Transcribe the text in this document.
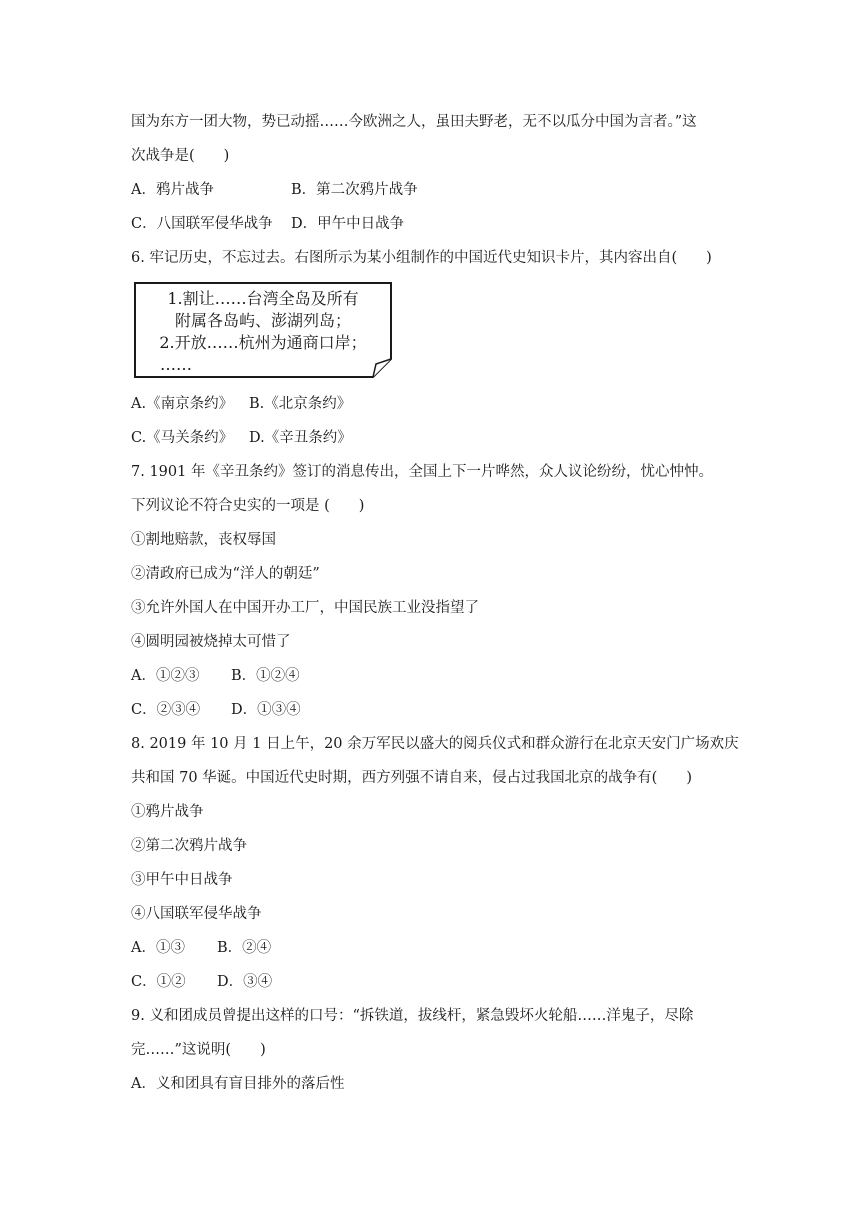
国为东方一团大物，势已动摇……今欧洲之人，虽田夫野老，无不以瓜分中国为言者。”这
次战争是(　　)
A．鸦片战争	B．第二次鸦片战争
C．八国联军侵华战争 D．甲午中日战争
6. 牢记历史，不忘过去。右图所示为某小组制作的中国近代史知识卡片，其内容出自(　　)
1.割让……台湾全岛及所有
附属各岛屿、澎湖列岛；
2.开放……杭州为通商口岸；
……
A.《南京条约》 B.《北京条约》
C.《马关条约》 D.《辛丑条约》
7. 1901 年《辛丑条约》签订的消息传出，全国上下一片哗然，众人议论纷纷，忧心忡忡。
下列议论不符合史实的一项是 (　　)
①割地赔款，丧权辱国
②清政府已成为“洋人的朝廷”
③允许外国人在中国开办工厂，中国民族工业没指望了
④圆明园被烧掉太可惜了
A．①②③ B．①②④
C．②③④ D．①③④
8. 2019 年 10 月 1 日上午，20 余万军民以盛大的阅兵仪式和群众游行在北京天安门广场欢庆
共和国 70 华诞。中国近代史时期，西方列强不请自来，侵占过我国北京的战争有(　　)
①鸦片战争
②第二次鸦片战争
③甲午中日战争
④八国联军侵华战争
A．①③ B．②④
C．①② D．③④
9. 义和团成员曾提出这样的口号：“拆铁道，拔线杆，紧急毁坏火轮船……洋鬼子，尽除
完……”这说明(　　)
A．义和团具有盲目排外的落后性
